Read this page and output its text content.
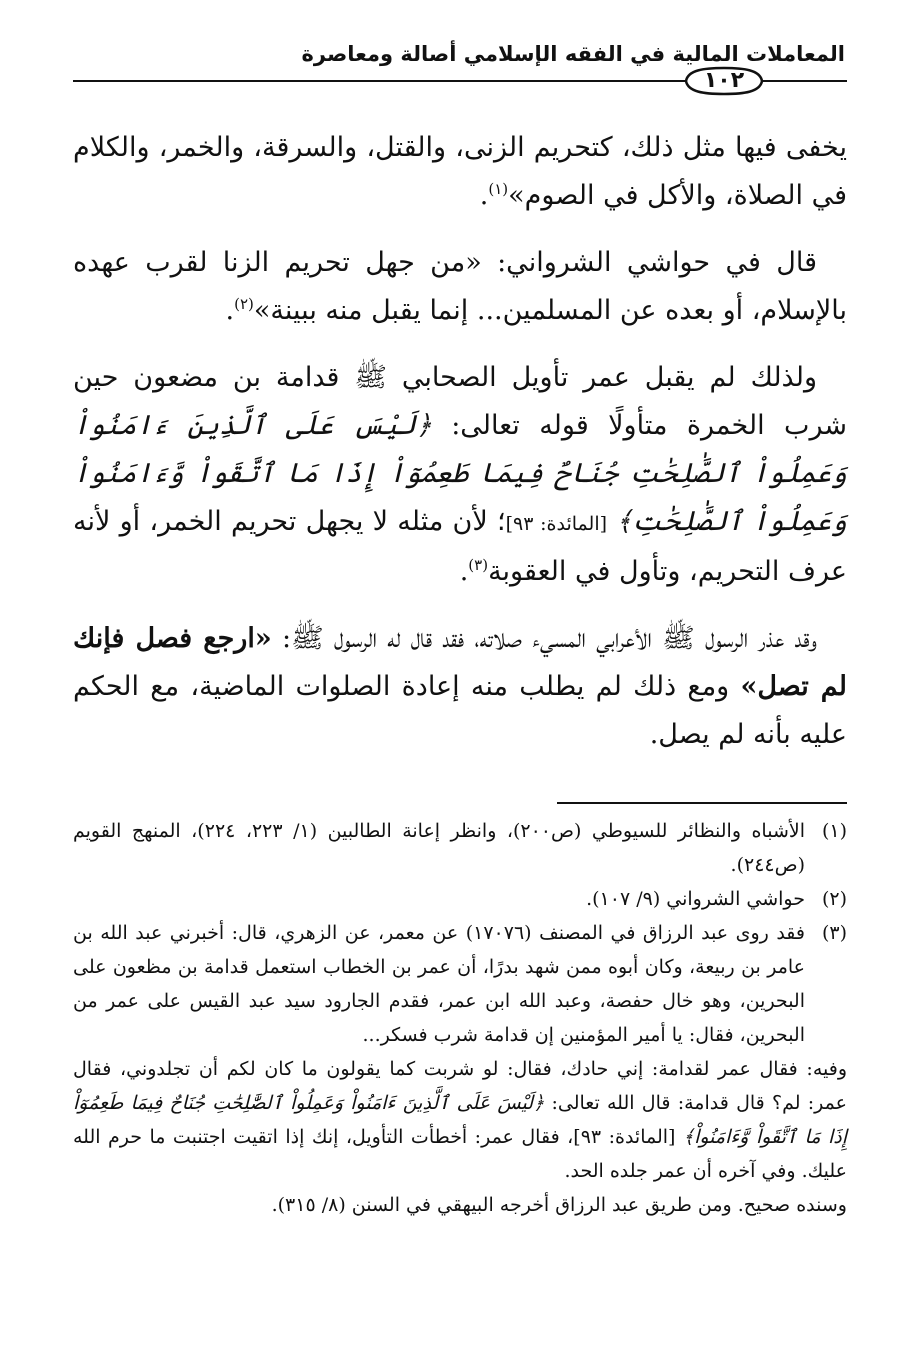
المعاملات المالية في الفقه الإسلامي أصالة ومعاصرة
١٠٢

يخفى فيها مثل ذلك، كتحريم الزنى، والقتل، والسرقة، والخمر، والكلام في الصلاة، والأكل في الصوم»$^{(١)}$.

قال في حواشي الشرواني: «من جهل تحريم الزنا لقرب عهده بالإسلام، أو بعده عن المسلمين... إنما يقبل منه ببينة»$^{(٢)}$.

ولذلك لم يقبل عمر تأويل الصحابي ﷺ قدامة بن مضعون حين شرب الخمرة متأولًا قوله تعالى: ﴿لَيْسَ عَلَى ٱلَّذِينَ ءَامَنُواْ وَعَمِلُواْ ٱلصَّٰلِحَٰتِ جُنَاحٌ فِيمَا طَعِمُوٓاْ إِذَا مَا ٱتَّقَواْ وَّءَامَنُواْ وَعَمِلُواْ ٱلصَّٰلِحَٰتِ﴾ [المائدة: ٩٣]؛ لأن مثله لا يجهل تحريم الخمر، أو لأنه عرف التحريم، وتأول في العقوبة$^{(٣)}$.

وقد عذر الرسول ﷺ الأعرابي المسيء صلاته، فقد قال له الرسول ﷺ: «ارجع فصل فإنك لم تصل» ومع ذلك لم يطلب منه إعادة الصلوات الماضية، مع الحكم عليه بأنه لم يصل.

(١)
الأشباه والنظائر للسيوطي (ص٢٠٠)، وانظر إعانة الطالبين (١/ ٢٢٣، ٢٢٤)، المنهج القويم (ص٢٤٤).
(٢)
حواشي الشرواني (٩/ ١٠٧).
(٣)
فقد روى عبد الرزاق في المصنف (١٧٠٧٦) عن معمر، عن الزهري، قال: أخبرني عبد الله بن عامر بن ربيعة، وكان أبوه ممن شهد بدرًا، أن عمر بن الخطاب استعمل قدامة بن مظعون على البحرين، وهو خال حفصة، وعبد الله ابن عمر، فقدم الجارود سيد عبد القيس على عمر من البحرين، فقال: يا أمير المؤمنين إن قدامة شرب فسكر...
وفيه: فقال عمر لقدامة: إني حادك، فقال: لو شربت كما يقولون ما كان لكم أن تجلدوني، فقال عمر: لم؟ قال قدامة: قال الله تعالى: ﴿لَيْسَ عَلَى ٱلَّذِينَ ءَامَنُواْ وَعَمِلُواْ ٱلصَّٰلِحَٰتِ جُنَاحٌ فِيمَا طَعِمُوٓاْ إِذَا مَا ٱتَّقَواْ وَّءَامَنُواْ﴾ [المائدة: ٩٣]، فقال عمر: أخطأت التأويل، إنك إذا اتقيت اجتنبت ما حرم الله عليك. وفي آخره أن عمر جلده الحد.
وسنده صحيح. ومن طريق عبد الرزاق أخرجه البيهقي في السنن (٨/ ٣١٥).
